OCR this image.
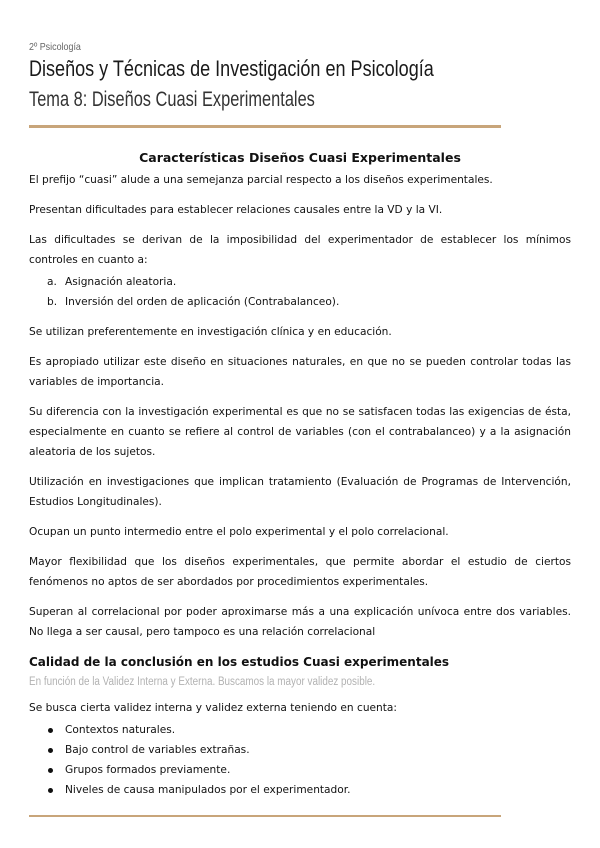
2º Psicología
Diseños y Técnicas de Investigación en Psicología
Tema 8: Diseños Cuasi Experimentales
Características Diseños Cuasi Experimentales

El prefijo “cuasi” alude a una semejanza parcial respecto a los diseños experimentales.

Presentan dificultades para establecer relaciones causales entre la VD y la VI.

Las dificultades se derivan de la imposibilidad del experimentador de establecer los mínimos controles en cuanto a:

a. Asignación aleatoria.
b. Inversión del orden de aplicación (Contrabalanceo).

Se utilizan preferentemente en investigación clínica y en educación.

Es apropiado utilizar este diseño en situaciones naturales, en que no se pueden controlar todas las variables de importancia.

Su diferencia con la investigación experimental es que no se satisfacen todas las exigencias de ésta, especialmente en cuanto se refiere al control de variables (con el contrabalanceo) y a la asignación aleatoria de los sujetos.

Utilización en investigaciones que implican tratamiento (Evaluación de Programas de Intervención, Estudios Longitudinales).

Ocupan un punto intermedio entre el polo experimental y el polo correlacional.

Mayor flexibilidad que los diseños experimentales, que permite abordar el estudio de ciertos fenómenos no aptos de ser abordados por procedimientos experimentales.

Superan al correlacional por poder aproximarse más a una explicación unívoca entre dos variables. No llega a ser causal, pero tampoco es una relación correlacional

Calidad de la conclusión en los estudios Cuasi experimentales
En función de la Validez Interna y Externa. Buscamos la mayor validez posible.

Se busca cierta validez interna y validez externa teniendo en cuenta:

Contextos naturales.
Bajo control de variables extrañas.
Grupos formados previamente.
Niveles de causa manipulados por el experimentador.
